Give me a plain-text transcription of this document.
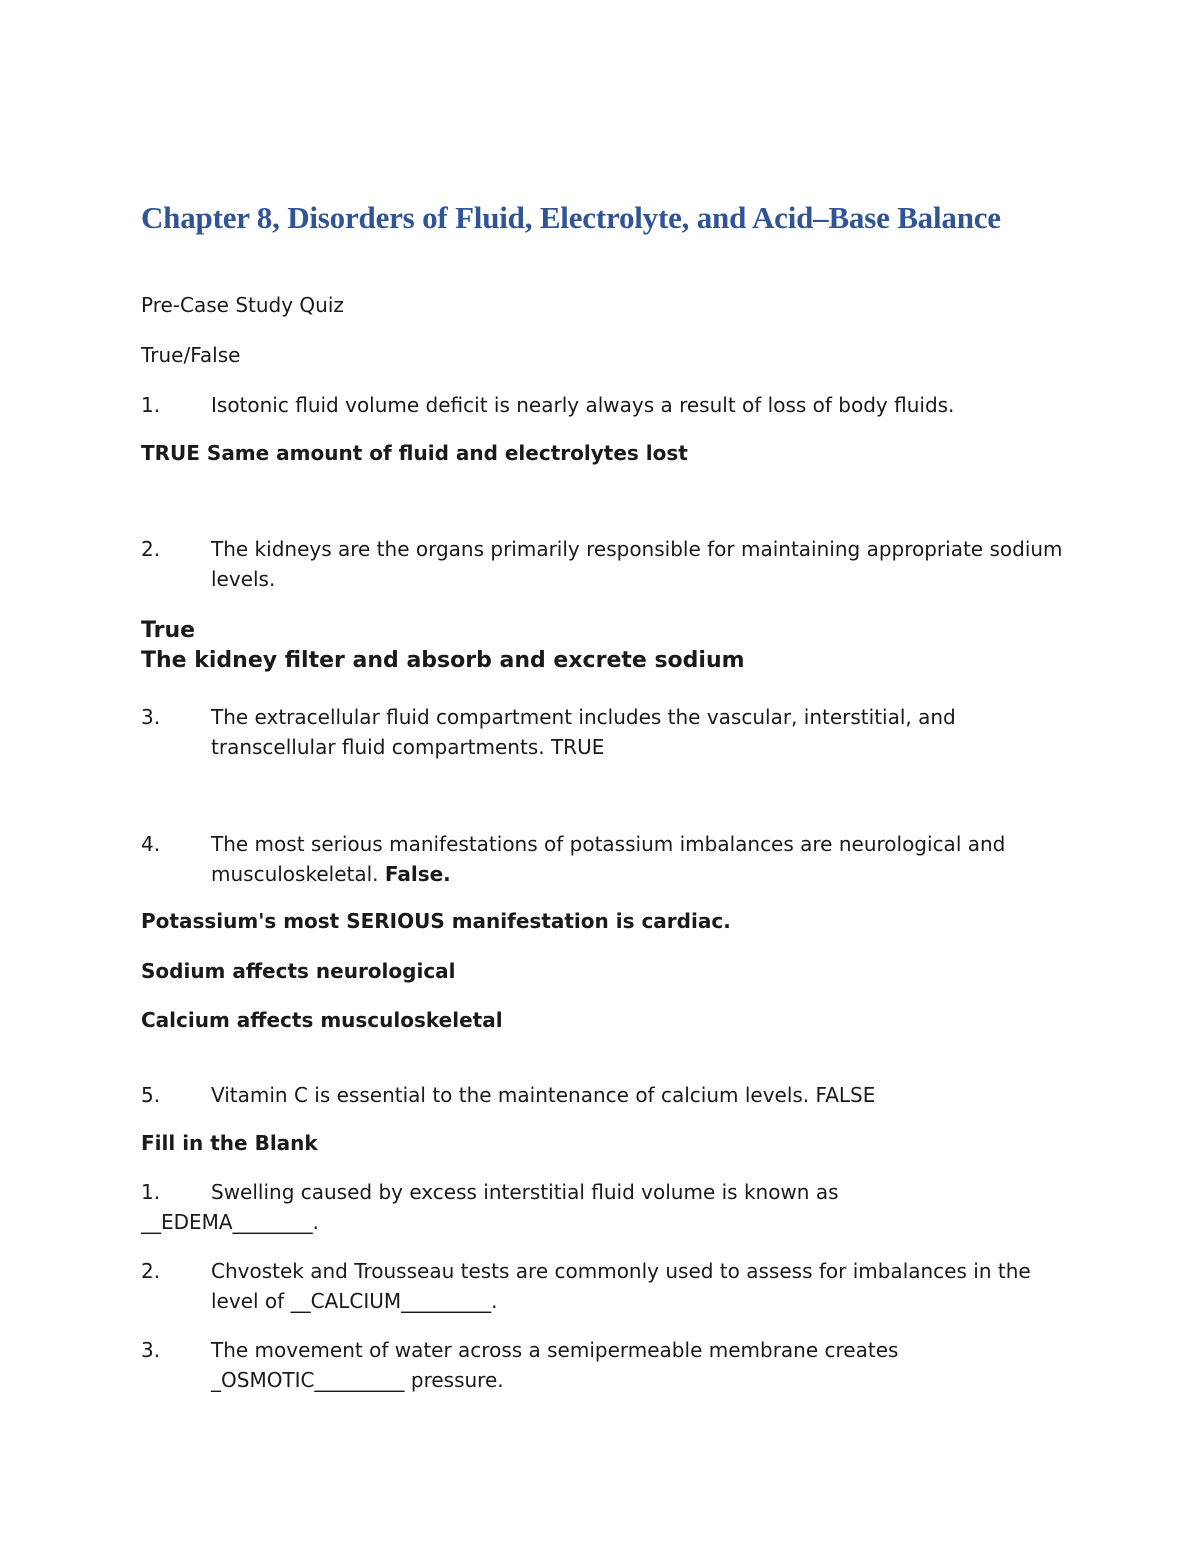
Chapter 8, Disorders of Fluid, Electrolyte, and Acid–Base Balance
Pre-Case Study Quiz
True/False
1.	Isotonic fluid volume deficit is nearly always a result of loss of body fluids.
TRUE Same amount of fluid and electrolytes lost
2.	The kidneys are the organs primarily responsible for maintaining appropriate sodium levels.
True
The kidney filter and absorb and excrete sodium
3.	The extracellular fluid compartment includes the vascular, interstitial, and transcellular fluid compartments. TRUE
4.	The most serious manifestations of potassium imbalances are neurological and musculoskeletal. False.
Potassium's most SERIOUS manifestation is cardiac.
Sodium affects neurological
Calcium affects musculoskeletal
5.	Vitamin C is essential to the maintenance of calcium levels. FALSE
Fill in the Blank
1.	Swelling caused by excess interstitial fluid volume is known as
__EDEMA________.
2.	Chvostek and Trousseau tests are commonly used to assess for imbalances in the level of __CALCIUM_________.
3.	The movement of water across a semipermeable membrane creates _OSMOTIC_________ pressure.
